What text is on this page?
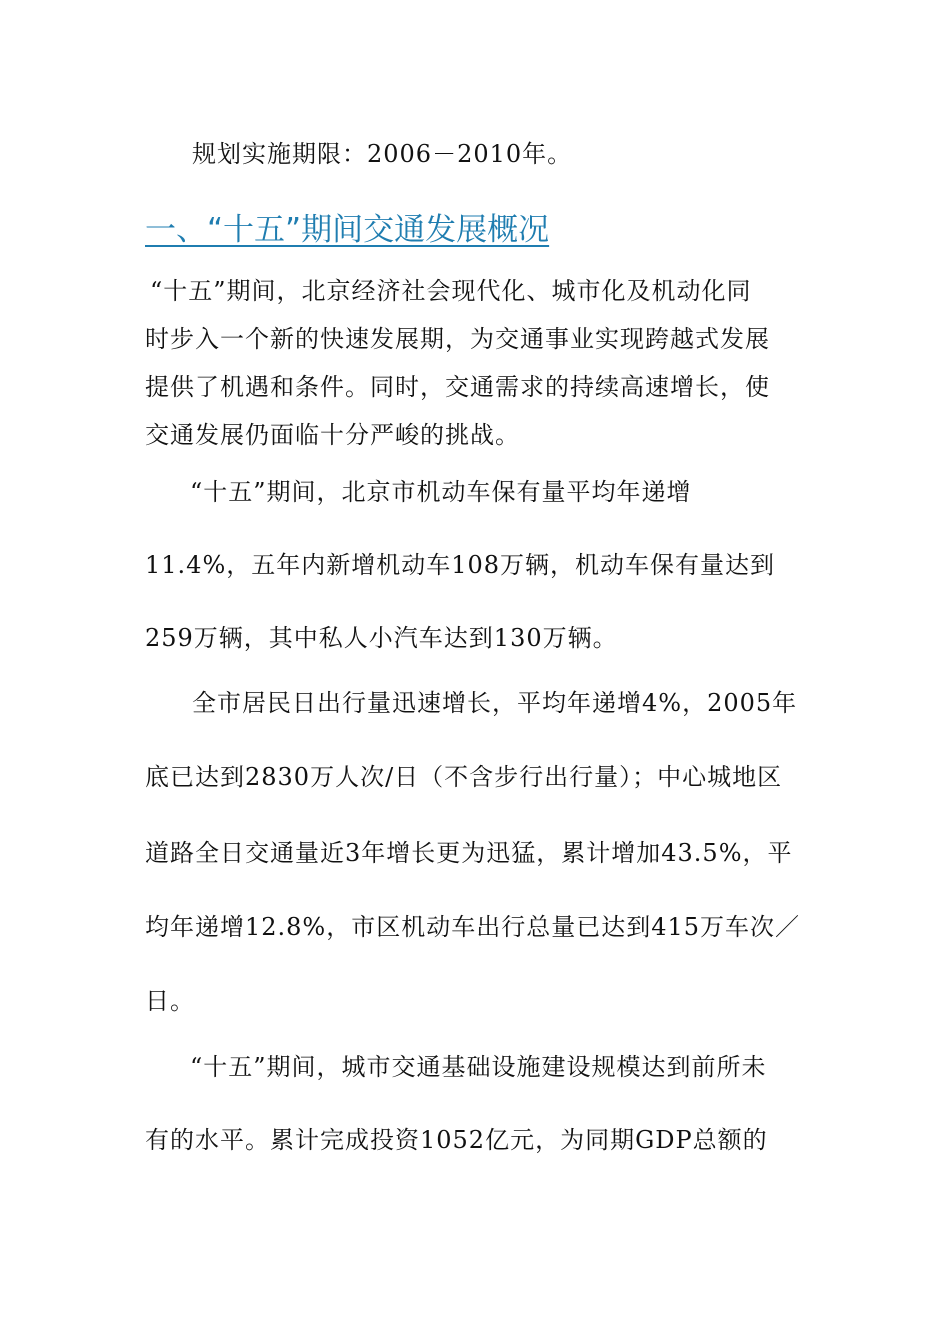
规划实施期限：2006－2010年。
一、“十五”期间交通发展概况
“十五”期间，北京经济社会现代化、城市化及机动化同
时步入一个新的快速发展期，为交通事业实现跨越式发展
提供了机遇和条件。同时，交通需求的持续高速增长，使
交通发展仍面临十分严峻的挑战。
“十五”期间，北京市机动车保有量平均年递增
11.4%，五年内新增机动车108万辆，机动车保有量达到
259万辆，其中私人小汽车达到130万辆。
全市居民日出行量迅速增长，平均年递增4%，2005年
底已达到2830万人次/日（不含步行出行量）；中心城地区
道路全日交通量近3年增长更为迅猛，累计增加43.5%，平
均年递增12.8%，市区机动车出行总量已达到415万车次／
日。
“十五”期间，城市交通基础设施建设规模达到前所未
有的水平。累计完成投资1052亿元，为同期GDP总额的
